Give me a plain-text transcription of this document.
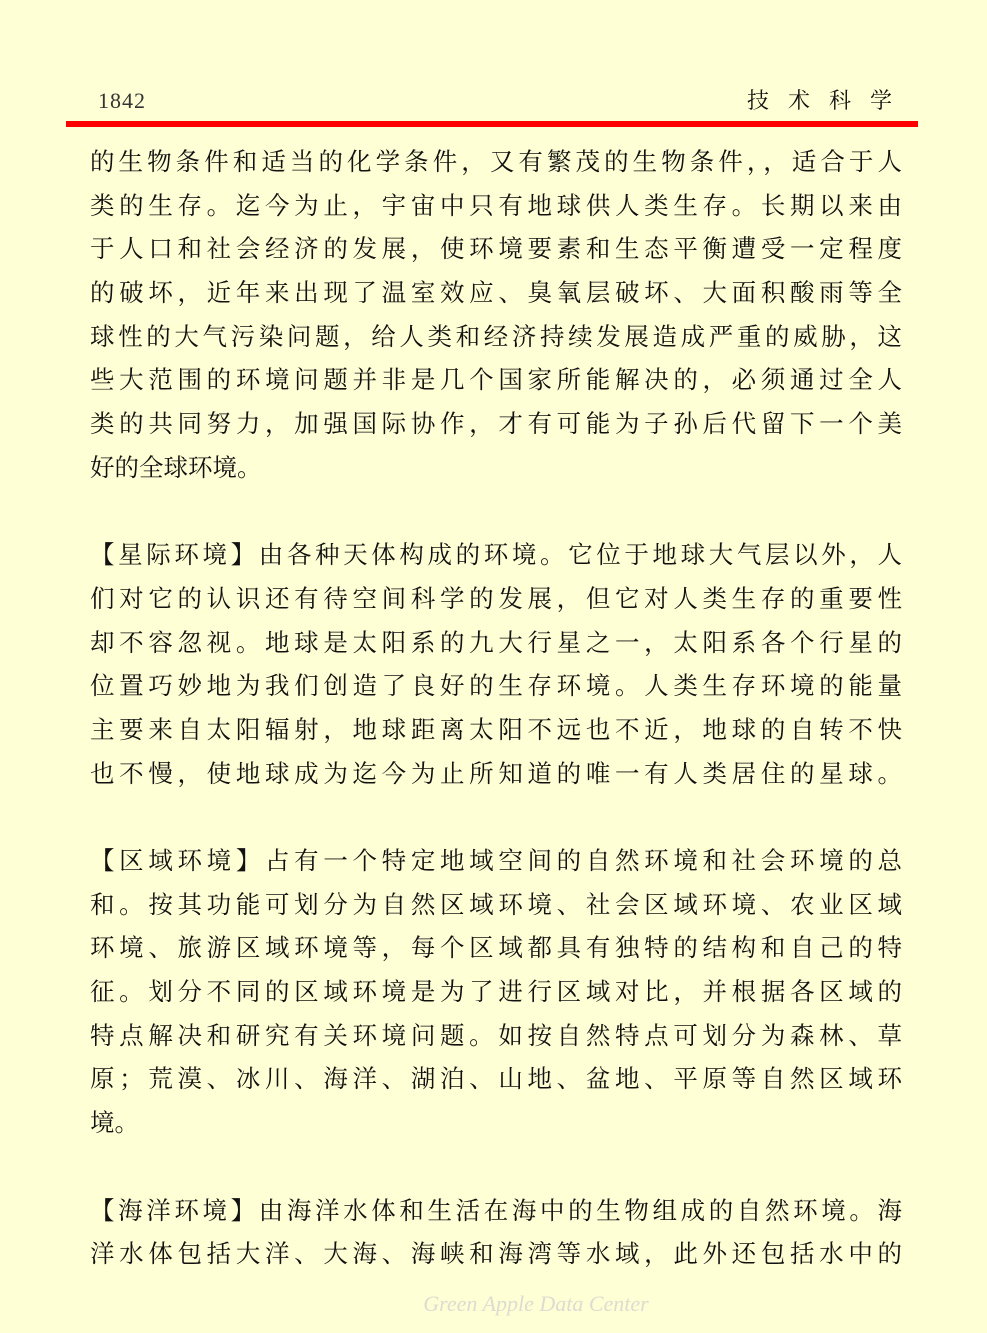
1842	技术科学
的生物条件和适当的化学条件，又有繁茂的生物条件，，适合于人
类的生存。迄今为止，宇宙中只有地球供人类生存。长期以来由
于人口和社会经济的发展，使环境要素和生态平衡遭受一定程度
的破坏，近年来出现了温室效应、臭氧层破坏、大面积酸雨等全
球性的大气污染问题，给人类和经济持续发展造成严重的威胁，这
些大范围的环境问题并非是几个国家所能解决的，必须通过全人
类的共同努力，加强国际协作，才有可能为子孙后代留下一个美
好的全球环境。
【星际环境】由各种天体构成的环境。它位于地球大气层以外，人
们对它的认识还有待空间科学的发展，但它对人类生存的重要性
却不容忽视。地球是太阳系的九大行星之一，太阳系各个行星的
位置巧妙地为我们创造了良好的生存环境。人类生存环境的能量
主要来自太阳辐射，地球距离太阳不远也不近，地球的自转不快
也不慢，使地球成为迄今为止所知道的唯一有人类居住的星球。
【区域环境】占有一个特定地域空间的自然环境和社会环境的总
和。按其功能可划分为自然区域环境、社会区域环境、农业区域
环境、旅游区域环境等，每个区域都具有独特的结构和自己的特
征。划分不同的区域环境是为了进行区域对比，并根据各区域的
特点解决和研究有关环境问题。如按自然特点可划分为森林、草
原；荒漠、冰川、海洋、湖泊、山地、盆地、平原等自然区域环
境。
【海洋环境】由海洋水体和生活在海中的生物组成的自然环境。海
洋水体包括大洋、大海、海峡和海湾等水域，此外还包括水中的
Green Apple Data Center
